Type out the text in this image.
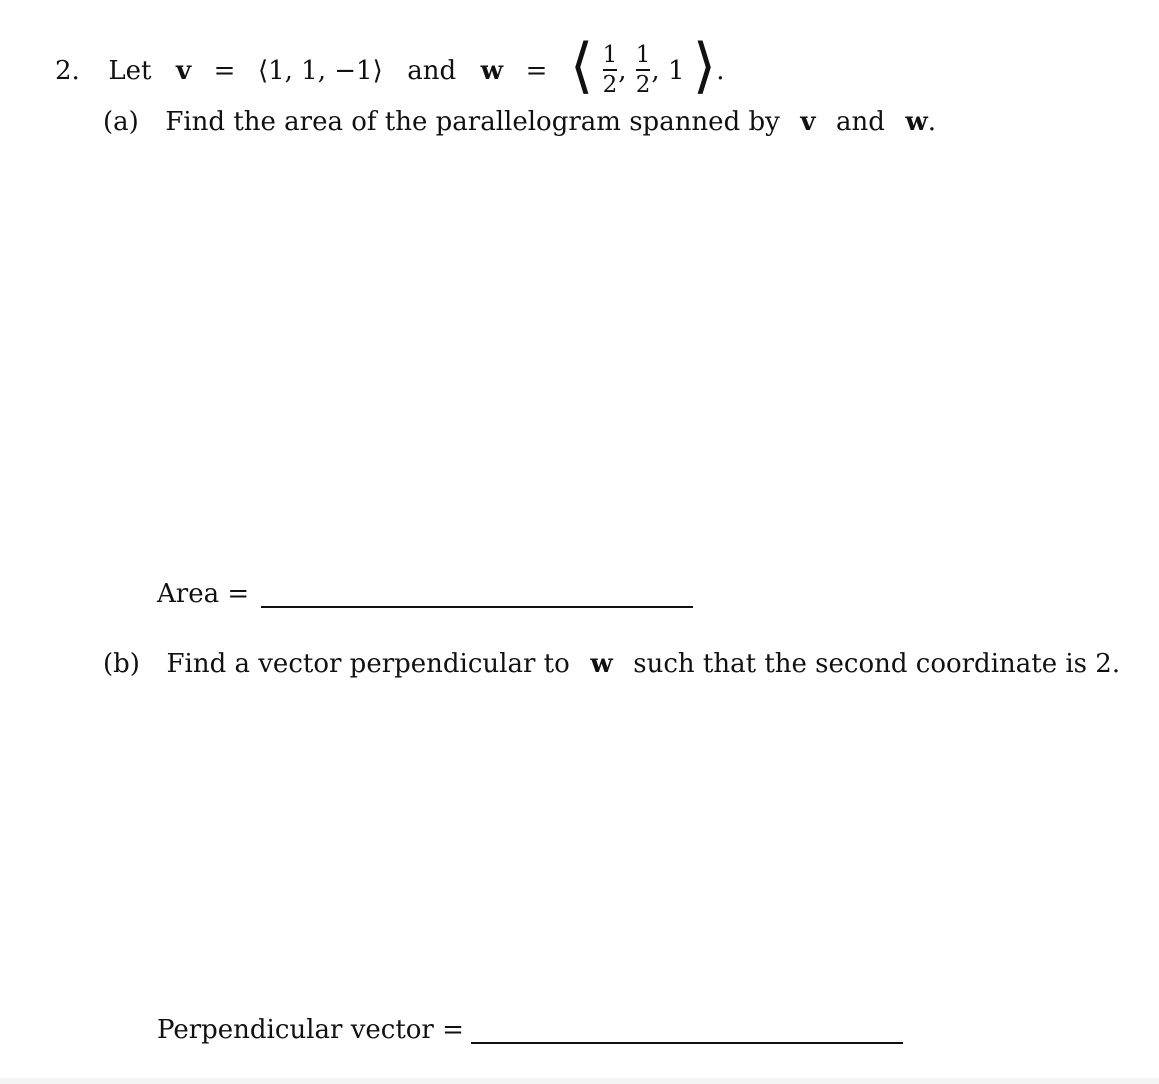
2. Let v = ⟨1, 1, −1⟩ and w = ⟨ $\frac{1}{2}$ , $\frac{1}{2}$ , 1 ⟩.
(a) Find the area of the parallelogram spanned by v and w.
Area =
(b) Find a vector perpendicular to w such that the second coordinate is 2.
Perpendicular vector =
